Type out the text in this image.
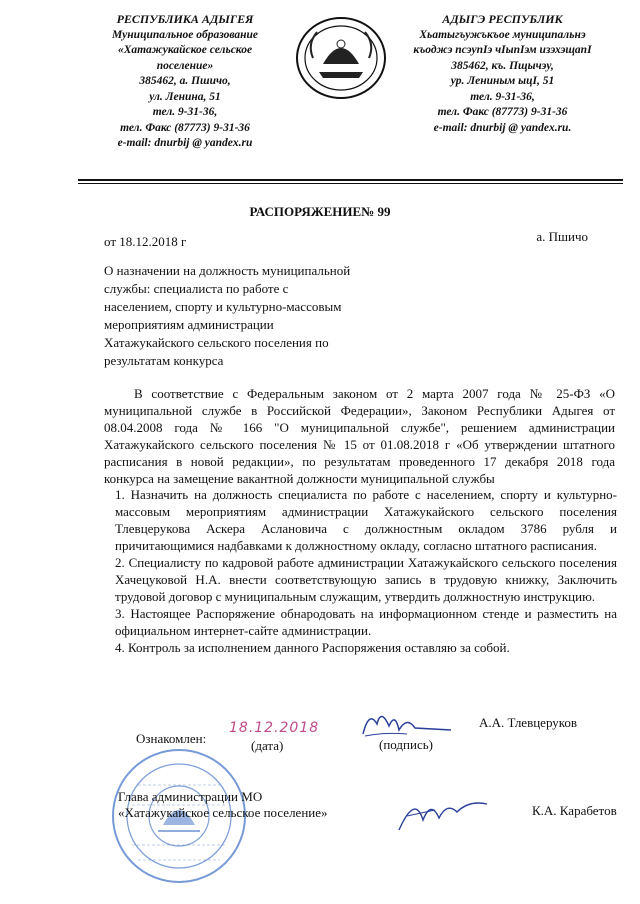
РЕСПУБЛИКА АДЫГЕЯ
Муниципальное образование
«Хатажукайское сельское
поселение»
385462, а. Пшичо,
ул. Ленина, 51
тел. 9-31-36,
тел. Факс (87773) 9-31-36
e-mail: dnurbij @ yandex.ru
АДЫГЭ РЕСПУБЛИК
Хьатыгъужъкъое муниципальнэ
къоджэ псэупIэ чIыпIэм изэхэщапI
385462, къ. Пщычэу,
ур. Лениным ыцI, 51
тел. 9-31-36,
тел. Факс (87773) 9-31-36
e-mail: dnurbij @ yandex.ru.
РАСПОРЯЖЕНИЕ№ 99
от 18.12.2018 г	а. Пшичо
О назначении на должность муниципальной
службы: специалиста по работе с
населением, спорту и культурно-массовым
мероприятиям администрации
Хатажукайского сельского поселения по
результатам конкурса
В соответствие с Федеральным законом от 2 марта 2007 года № 25-ФЗ «О муниципальной службе в Российской Федерации», Законом Республики Адыгея от 08.04.2008 года № 166 "О муниципальной службе", решением администрации Хатажукайского сельского поселения № 15 от 01.08.2018 г «Об утверждении штатного расписания в новой редакции», по результатам проведенного 17 декабря 2018 года конкурса на замещение вакантной должности муниципальной службы

1. Назначить на должность специалиста по работе с населением, спорту и культурно-массовым мероприятиям администрации Хатажукайского сельского поселения Тлевцерукова Аскера Аслановича с должностным окладом 3786 рубля и причитающимися надбавками к должностному окладу, согласно штатного расписания.

2. Специалисту по кадровой работе администрации Хатажукайского сельского поселения Хачецуковой Н.А. внести соответствующую запись в трудовую книжку, Заключить трудовой договор с муниципальным служащим, утвердить должностную инструкцию.

3. Настоящее Распоряжение обнародовать на информационном стенде и разместить на официальном интернет-сайте администрации.

4. Контроль за исполнением данного Распоряжения оставляю за собой.

Ознакомлен:
18.12.2018
(дата)	(подпись)
А.А. Тлевцеруков
Глава администрации МО
«Хатажукайское сельское поселение»	К.А. Карабетов
